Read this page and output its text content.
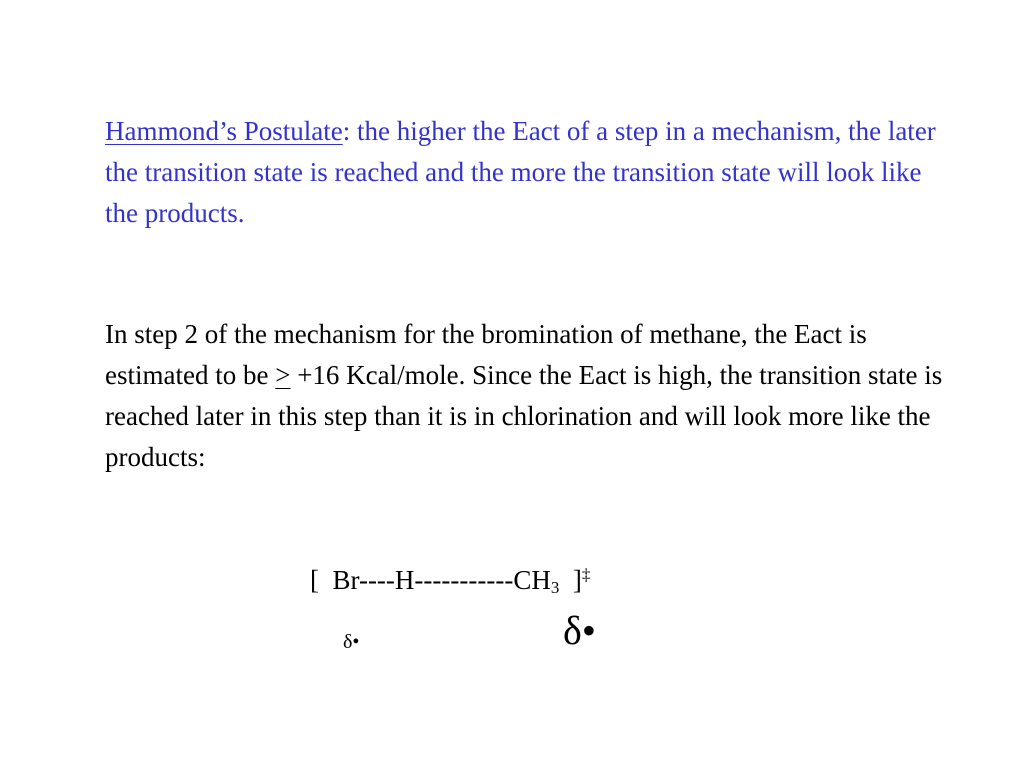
Hammond’s Postulate: the higher the Eact of a step in a mechanism, the later the transition state is reached and the more the transition state will look like the products.

In step 2 of the mechanism for the bromination of methane, the Eact is estimated to be ≥ +16 Kcal/mole. Since the Eact is high, the transition state is reached later in this step than it is in chlorination and will look more like the products:

[  $Br----H-----------CH_3$  ]‡
δ•	δ•
